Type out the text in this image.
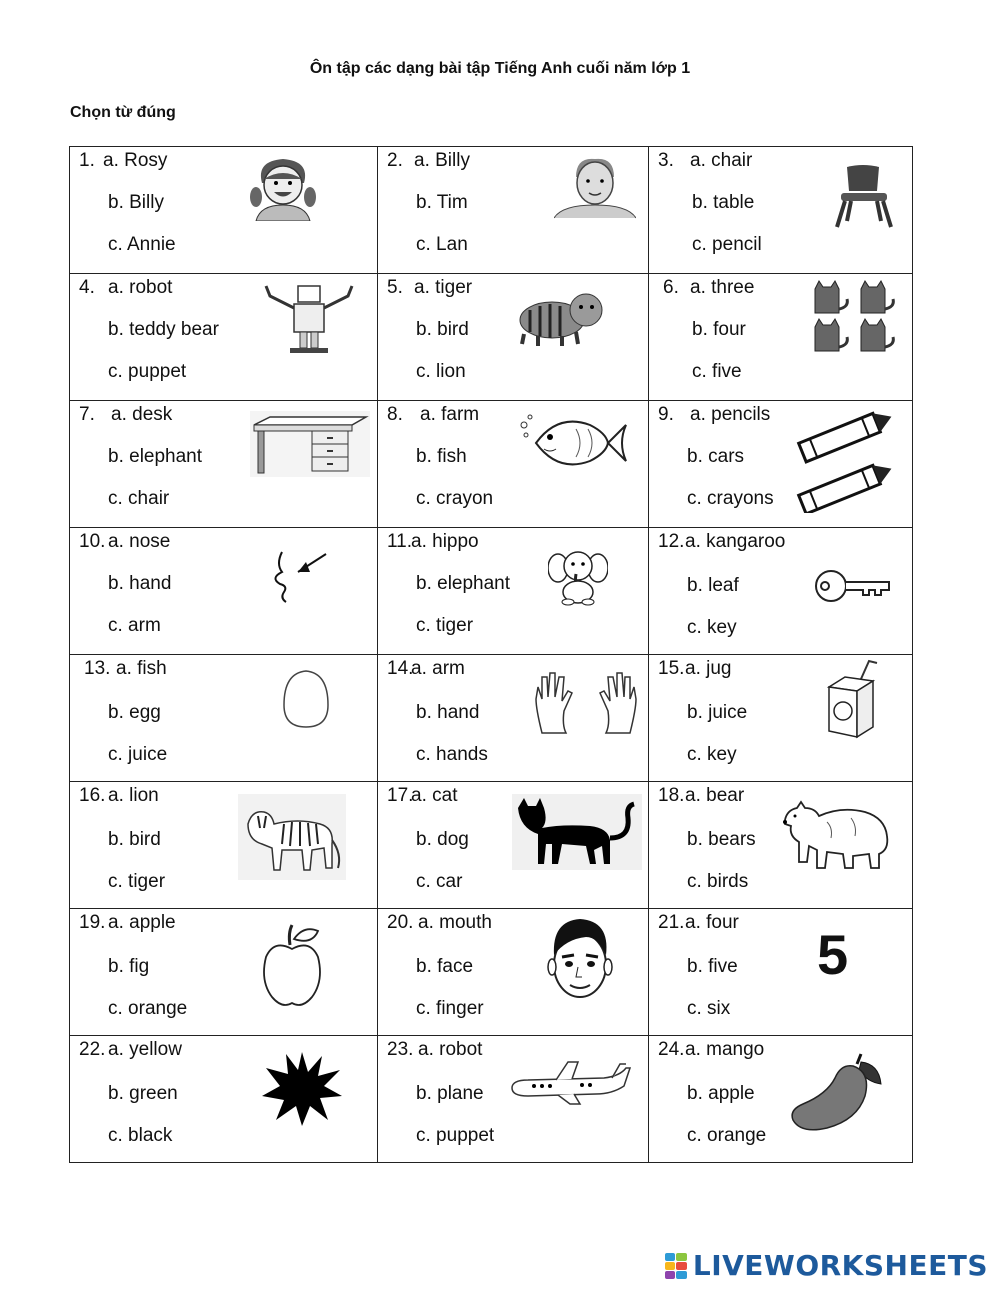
Ôn tập các dạng bài tập Tiếng Anh cuối năm lớp 1
Chọn từ đúng
1. a. Rosy
b. Billy
c. Annie	2. a. Billy
b. Tim
c. Lan	3. a. chair
b. table
c. pencil

4. a. robot
b. teddy bear
c. puppet	5. a. tiger
b. bird
c. lion	6. a. three
b. four
c. five

7. a. desk
b. elephant
c. chair	8. a. farm
b. fish
c. crayon	9. a. pencils
b. cars
c. crayons

10. a. nose
b. hand
c. arm	11.
a. hippo
b. elephant
c. tiger	12. a. kangaroo
b. leaf
c. key

13. a. fish
b. egg
c. juice	14.
a. arm
b. hand
c. hands	15. a. jug
b. juice
c. key

16. a. lion
b. bird
c. tiger	17.
a. cat
b. dog
c. car	18. a. bear
b. bears
c. birds

19. a. apple
b. fig
c. orange	20. a. mouth
b. face
c. finger	21. a. four
b. five
c. six
5

22. a. yellow
b. green
c. black	23. a. robot
b. plane
c. puppet	24. a. mango
b. apple
c. orange
LIVEWORKSHEETS
